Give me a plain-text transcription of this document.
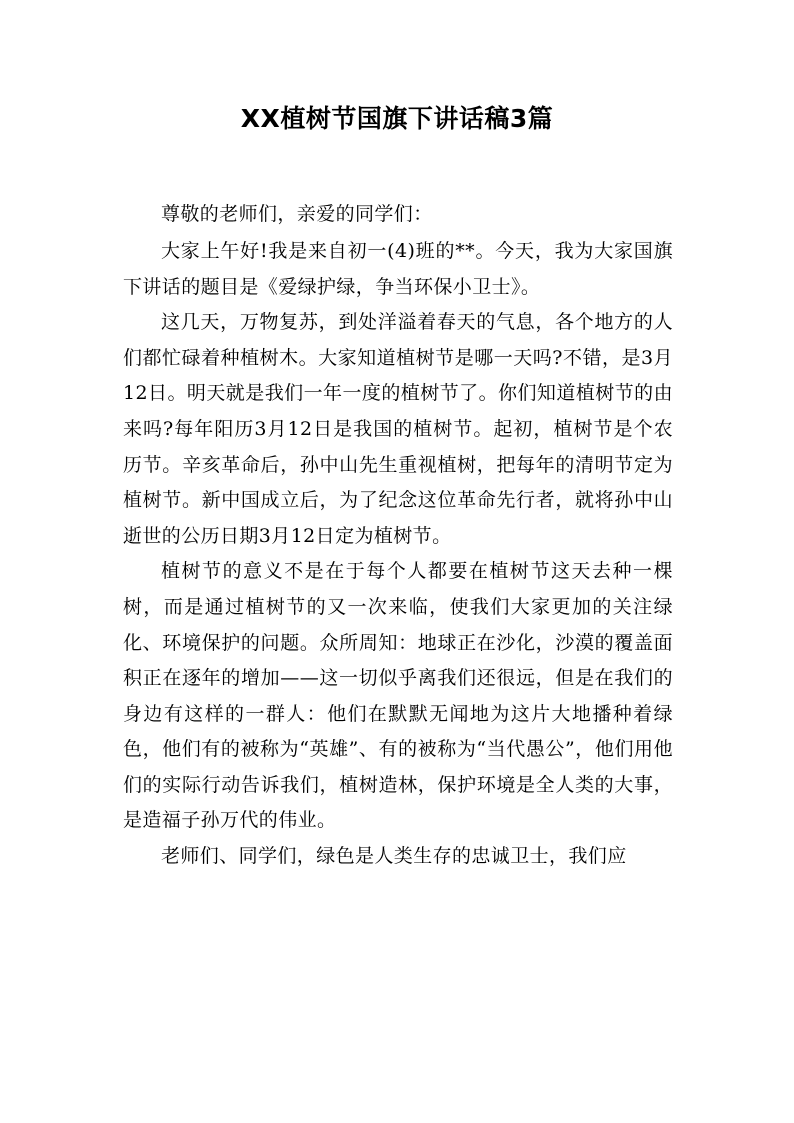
XX植树节国旗下讲话稿3篇

尊敬的老师们，亲爱的同学们：

大家上午好!我是来自初一(4)班的**。今天，我为大家国旗下讲话的题目是《爱绿护绿，争当环保小卫士》。

这几天，万物复苏，到处洋溢着春天的气息，各个地方的人们都忙碌着种植树木。大家知道植树节是哪一天吗?不错，是3月12日。明天就是我们一年一度的植树节了。你们知道植树节的由来吗?每年阳历3月12日是我国的植树节。起初，植树节是个农历节。辛亥革命后，孙中山先生重视植树，把每年的清明节定为植树节。新中国成立后，为了纪念这位革命先行者，就将孙中山逝世的公历日期3月12日定为植树节。

植树节的意义不是在于每个人都要在植树节这天去种一棵树，而是通过植树节的又一次来临，使我们大家更加的关注绿化、环境保护的问题。众所周知：地球正在沙化，沙漠的覆盖面积正在逐年的增加——这一切似乎离我们还很远，但是在我们的身边有这样的一群人：他们在默默无闻地为这片大地播种着绿色，他们有的被称为“英雄”、有的被称为“当代愚公”，他们用他们的实际行动告诉我们，植树造林，保护环境是全人类的大事，是造福子孙万代的伟业。

老师们、同学们，绿色是人类生存的忠诚卫士，我们应
